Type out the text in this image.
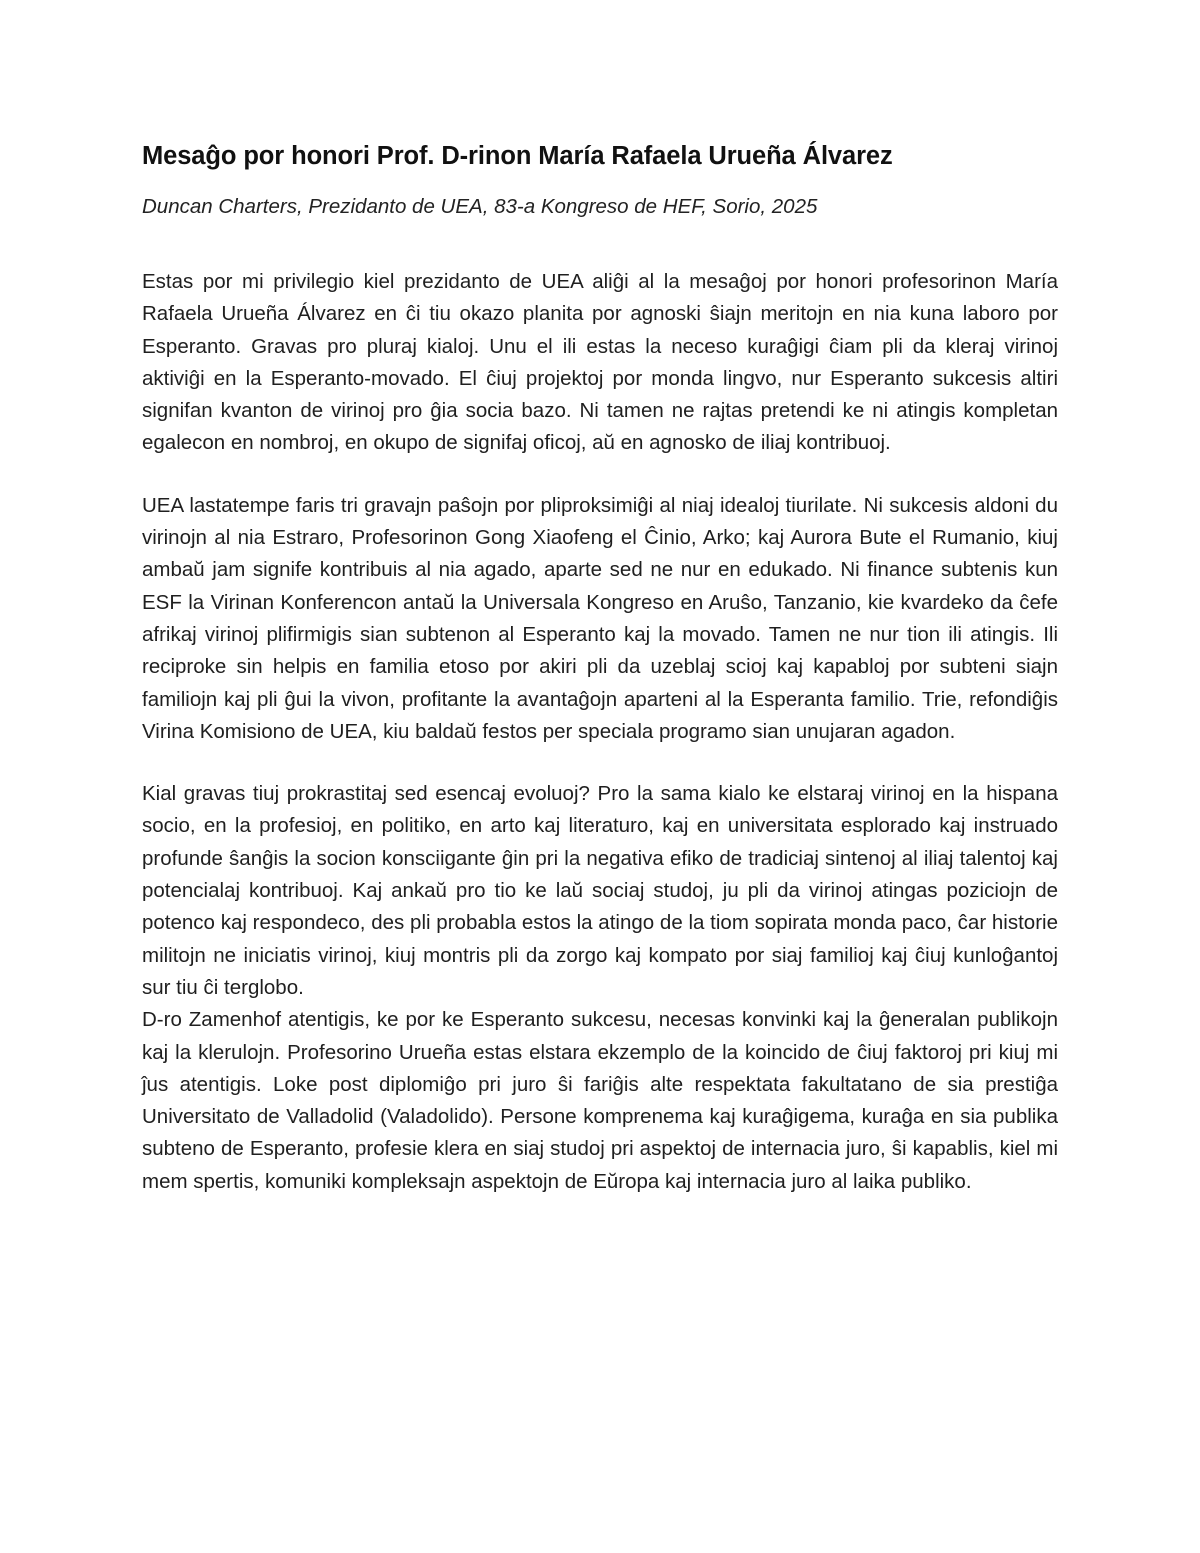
Mesaĝo por honori Prof. D-rinon María Rafaela Urueña Álvarez

Duncan Charters, Prezidanto de UEA, 83-a Kongreso de HEF, Sorio, 2025

Estas por mi privilegio kiel prezidanto de UEA aliĝi al la mesaĝoj por honori profesorinon María Rafaela Urueña Álvarez en ĉi tiu okazo planita por agnoski ŝiajn meritojn en nia kuna laboro por Esperanto. Gravas pro pluraj kialoj. Unu el ili estas la neceso kuraĝigi ĉiam pli da kleraj virinoj aktiviĝi en la Esperanto-movado. El ĉiuj projektoj por monda lingvo, nur Esperanto sukcesis altiri signifan kvanton de virinoj pro ĝia socia bazo. Ni tamen ne rajtas pretendi ke ni atingis kompletan egalecon en nombroj, en okupo de signifaj oficoj, aŭ en agnosko de iliaj kontribuoj.

UEA lastatempe faris tri gravajn paŝojn por pliproksimiĝi al niaj idealoj tiurilate. Ni sukcesis aldoni du virinojn al nia Estraro, Profesorinon Gong Xiaofeng el Ĉinio, Arko; kaj Aurora Bute el Rumanio, kiuj ambaŭ jam signife kontribuis al nia agado, aparte sed ne nur en edukado. Ni finance subtenis kun ESF la Virinan Konferencon antaŭ la Universala Kongreso en Aruŝo, Tanzanio, kie kvardeko da ĉefe afrikaj virinoj plifirmigis sian subtenon al Esperanto kaj la movado. Tamen ne nur tion ili atingis. Ili reciproke sin helpis en familia etoso por akiri pli da uzeblaj scioj kaj kapabloj por subteni siajn familiojn kaj pli ĝui la vivon, profitante la avantaĝojn aparteni al la Esperanta familio. Trie, refondiĝis Virina Komisiono de UEA, kiu baldaŭ festos per speciala programo sian unujaran agadon.

Kial gravas tiuj prokrastitaj sed esencaj evoluoj? Pro la sama kialo ke elstaraj virinoj en la hispana socio, en la profesioj, en politiko, en arto kaj literaturo, kaj en universitata esplorado kaj instruado profunde ŝanĝis la socion konsciigante ĝin pri la negativa efiko de tradiciaj sintenoj al iliaj talentoj kaj potencialaj kontribuoj. Kaj ankaŭ pro tio ke laŭ sociaj studoj, ju pli da virinoj atingas poziciojn de potenco kaj respondeco, des pli probabla estos la atingo de la tiom sopirata monda paco, ĉar historie militojn ne iniciatis virinoj, kiuj montris pli da zorgo kaj kompato por siaj familioj kaj ĉiuj kunloĝantoj sur tiu ĉi terglobo.

D-ro Zamenhof atentigis, ke por ke Esperanto sukcesu, necesas konvinki kaj la ĝeneralan publikojn kaj la klerulojn. Profesorino Urueña estas elstara ekzemplo de la koincido de ĉiuj faktoroj pri kiuj mi ĵus atentigis. Loke post diplomiĝo pri juro ŝi fariĝis alte respektata fakultatano de sia prestiĝa Universitato de Valladolid (Valadolido). Persone komprenema kaj kuraĝigema, kuraĝa en sia publika subteno de Esperanto, profesie klera en siaj studoj pri aspektoj de internacia juro, ŝi kapablis, kiel mi mem spertis, komuniki kompleksajn aspektojn de Eŭropa kaj internacia juro al laika publiko.
